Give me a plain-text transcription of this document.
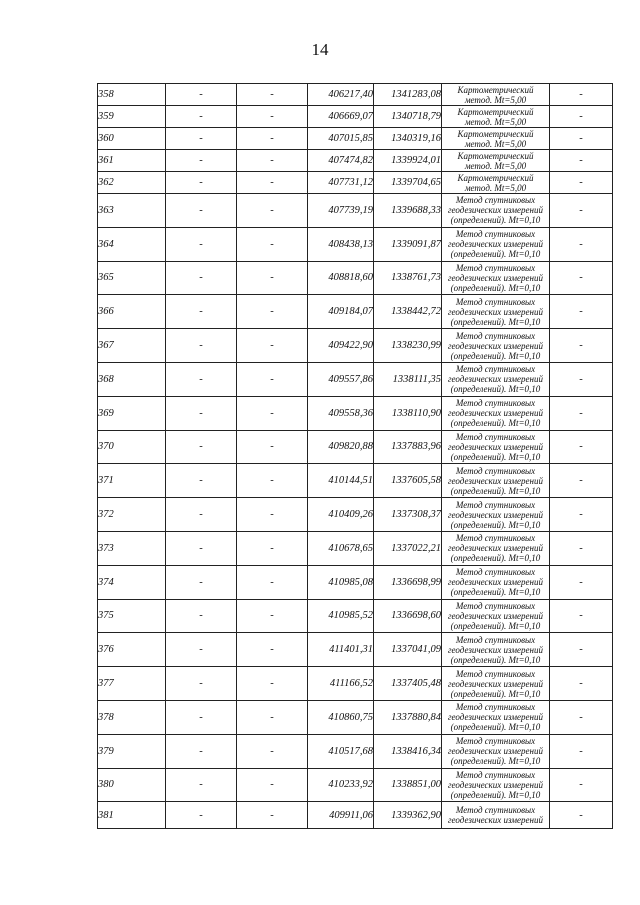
14
358	-	-	406217,40	1341283,08	Картометрический
метод. Mt=5,00	-
359	-	-	406669,07	1340718,79	Картометрический
метод. Mt=5,00	-
360	-	-	407015,85	1340319,16	Картометрический
метод. Mt=5,00	-
361	-	-	407474,82	1339924,01	Картометрический
метод. Mt=5,00	-
362	-	-	407731,12	1339704,65	Картометрический
метод. Mt=5,00	-
363	-	-	407739,19	1339688,33	Метод спутниковых
геодезических измерений
(определений). Mt=0,10	-
364	-	-	408438,13	1339091,87	Метод спутниковых
геодезических измерений
(определений). Mt=0,10	-
365	-	-	408818,60	1338761,73	Метод спутниковых
геодезических измерений
(определений). Mt=0,10	-
366	-	-	409184,07	1338442,72	Метод спутниковых
геодезических измерений
(определений). Mt=0,10	-
367	-	-	409422,90	1338230,99	Метод спутниковых
геодезических измерений
(определений). Mt=0,10	-
368	-	-	409557,86	1338111,35	Метод спутниковых
геодезических измерений
(определений). Mt=0,10	-
369	-	-	409558,36	1338110,90	Метод спутниковых
геодезических измерений
(определений). Mt=0,10	-
370	-	-	409820,88	1337883,96	Метод спутниковых
геодезических измерений
(определений). Mt=0,10	-
371	-	-	410144,51	1337605,58	Метод спутниковых
геодезических измерений
(определений). Mt=0,10	-
372	-	-	410409,26	1337308,37	Метод спутниковых
геодезических измерений
(определений). Mt=0,10	-
373	-	-	410678,65	1337022,21	Метод спутниковых
геодезических измерений
(определений). Mt=0,10	-
374	-	-	410985,08	1336698,99	Метод спутниковых
геодезических измерений
(определений). Mt=0,10	-
375	-	-	410985,52	1336698,60	Метод спутниковых
геодезических измерений
(определений). Mt=0,10	-
376	-	-	411401,31	1337041,09	Метод спутниковых
геодезических измерений
(определений). Mt=0,10	-
377	-	-	411166,52	1337405,48	Метод спутниковых
геодезических измерений
(определений). Mt=0,10	-
378	-	-	410860,75	1337880,84	Метод спутниковых
геодезических измерений
(определений). Mt=0,10	-
379	-	-	410517,68	1338416,34	Метод спутниковых
геодезических измерений
(определений). Mt=0,10	-
380	-	-	410233,92	1338851,00	Метод спутниковых
геодезических измерений
(определений). Mt=0,10	-
381	-	-	409911,06	1339362,90	Метод спутниковых
геодезических измерений	-
